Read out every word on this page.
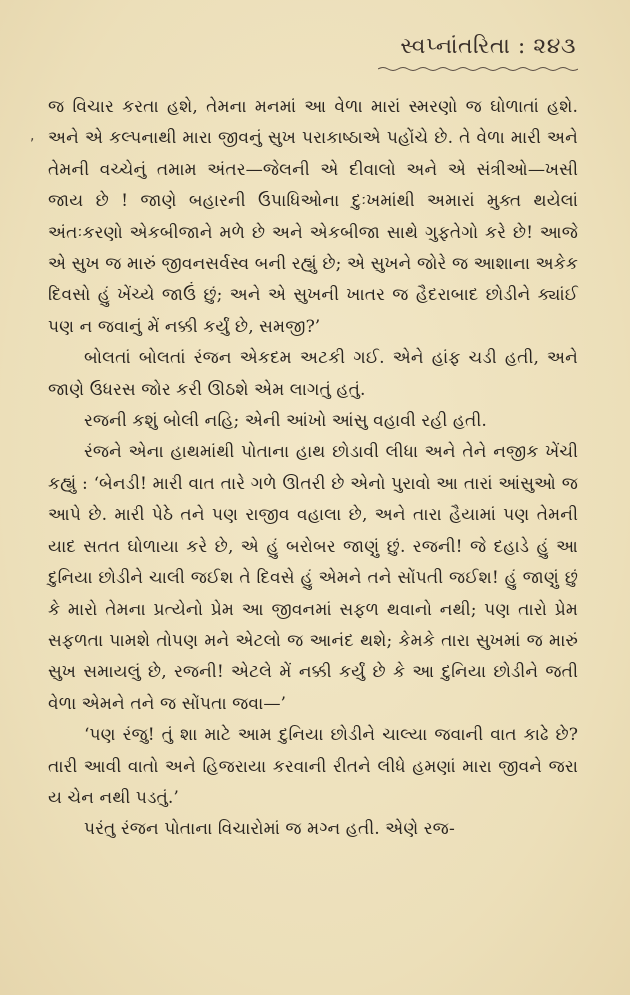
સ્વપ્નાંતરિતા : ૨૪૩
,

જ વિચાર કરતા હશે, તેમના મનમાં આ વેળા મારાં સ્મરણો જ ઘોળાતાં હશે. અને એ કલ્પનાથી મારા જીવનું સુખ પરાકાષ્ઠાએ પહોંચે છે. તે વેળા મારી અને તેમની વચ્ચેનું તમામ અંતર—જેલની એ દીવાલો અને એ સંત્રીઓ—ખસી જાય છે ! જાણે બહારની ઉપાધિઓના દુઃખમાંથી અમારાં મુક્ત થયેલાં અંતઃકરણો એકબીજાને મળે છે અને એકબીજા સાથે ગુફતેગો કરે છે! આજે એ સુખ જ મારું જીવનસર્વસ્વ બની રહ્યું છે; એ સુખને જોરે જ આશાના અકેક દિવસો હું ખેંચ્યે જાઉં છું; અને એ સુખની ખાતર જ હૈદરાબાદ છોડીને ક્યાંઈ પણ ન જવાનું મેં નક્કી કર્યું છે, સમજી?’

બોલતાં બોલતાં રંજન એકદમ અટકી ગઈ. એને હાંફ ચડી હતી, અને જાણે ઉધરસ જોર કરી ઊઠશે એમ લાગતું હતું.

રજની કશું બોલી નહિ; એની આંખો આંસુ વહાવી રહી હતી.

રંજને એના હાથમાંથી પોતાના હાથ છોડાવી લીધા અને તેને નજીક ખેંચી કહ્યું : ‘બેનડી! મારી વાત તારે ગળે ઊતરી છે એનો પુરાવો આ તારાં આંસુઓ જ આપે છે. મારી પેઠે તને પણ રાજીવ વહાલા છે, અને તારા હૈયામાં પણ તેમની યાદ સતત ઘોળાયા કરે છે, એ હું બરોબર જાણું છું. રજની! જે દહાડે હું આ દુનિયા છોડીને ચાલી જઈશ તે દિવસે હું એમને તને સોંપતી જઈશ! હું જાણું છું કે મારો તેમના પ્રત્યેનો પ્રેમ આ જીવનમાં સફળ થવાનો નથી; પણ તારો પ્રેમ સફળતા પામશે તોપણ મને એટલો જ આનંદ થશે; કેમકે તારા સુખમાં જ મારું સુખ સમાયલું છે, રજની! એટલે મેં નક્કી કર્યું છે કે આ દુનિયા છોડીને જતી વેળા એમને તને જ સોંપતા જવા—’

‘પણ રંજુ! તું શા માટે આમ દુનિયા છોડીને ચાલ્યા જવાની વાત કાઢે છે? તારી આવી વાતો અને હિજરાયા કરવાની રીતને લીધે હમણાં મારા જીવને જરા ય ચેન નથી પડતું.’

પરંતુ રંજન પોતાના વિચારોમાં જ મગ્ન હતી. એણે રજ-
